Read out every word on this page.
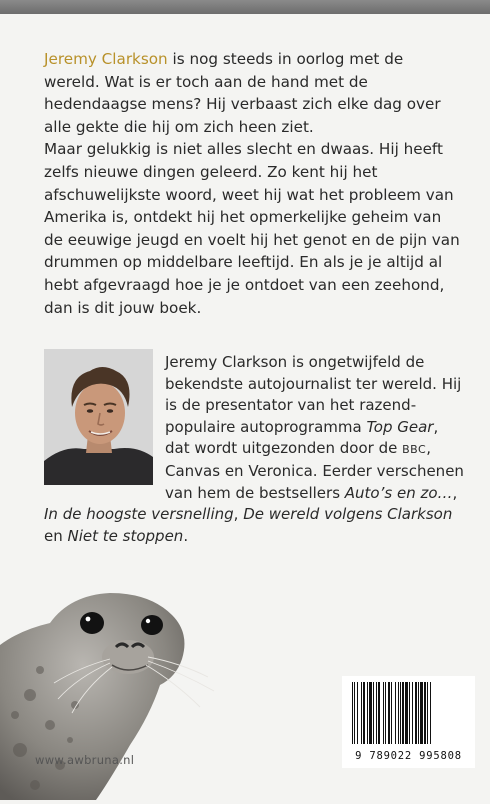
Jeremy Clarkson is nog steeds in oorlog met de wereld. Wat is er toch aan de hand met de hedendaagse mens? Hij verbaast zich elke dag over alle gekte die hij om zich heen ziet.

Maar gelukkig is niet alles slecht en dwaas. Hij heeft zelfs nieuwe dingen geleerd. Zo kent hij het afschuwelijkste woord, weet hij wat het probleem van Amerika is, ontdekt hij het opmerkelijke geheim van de eeuwige jeugd en voelt hij het genot en de pijn van drummen op middelbare leeftijd. En als je je altijd al hebt afgevraagd hoe je je ontdoet van een zeehond, dan is dit jouw boek.

Jeremy Clarkson is ongetwijfeld de bekendste autojournalist ter wereld. Hij is de presentator van het razend-populaire autoprogramma Top Gear, dat wordt uitgezonden door de BBC, Canvas en Veronica. Eerder verschenen van hem de bestsellers Auto’s en zo…, In de hoogste versnelling, De wereld volgens Clarkson en Niet te stoppen.

www.awbruna.nl	9 789022 995808
